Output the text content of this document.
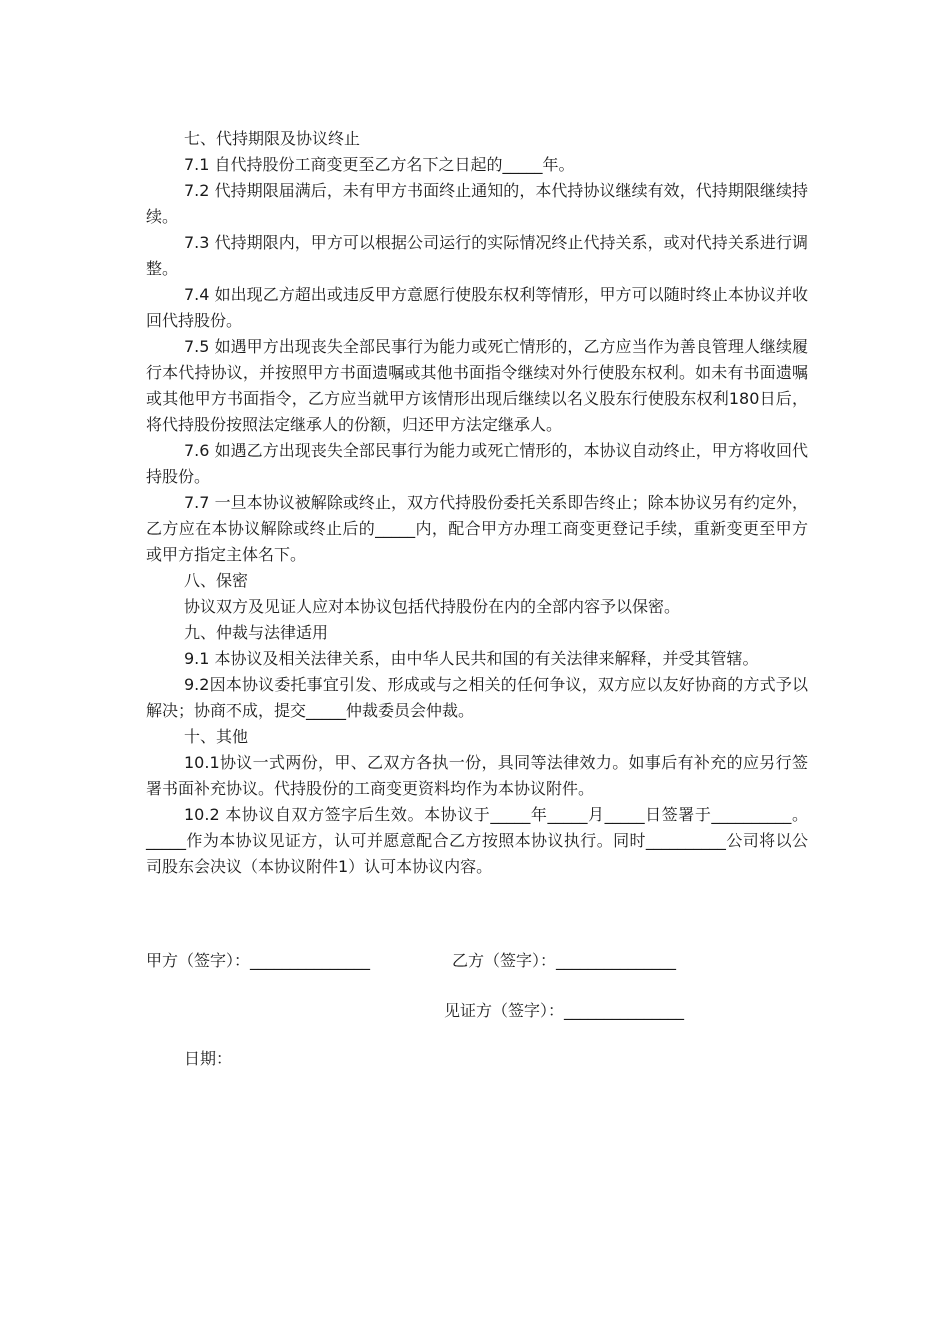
七、代持期限及协议终止

7.1 自代持股份工商变更至乙方名下之日起的_____年。

7.2 代持期限届满后，未有甲方书面终止通知的，本代持协议继续有效，代持期限继续持续。

7.3 代持期限内，甲方可以根据公司运行的实际情况终止代持关系，或对代持关系进行调整。

7.4 如出现乙方超出或违反甲方意愿行使股东权利等情形，甲方可以随时终止本协议并收回代持股份。

7.5 如遇甲方出现丧失全部民事行为能力或死亡情形的，乙方应当作为善良管理人继续履行本代持协议，并按照甲方书面遗嘱或其他书面指令继续对外行使股东权利。如未有书面遗嘱或其他甲方书面指令，乙方应当就甲方该情形出现后继续以名义股东行使股东权利180日后，将代持股份按照法定继承人的份额，归还甲方法定继承人。

7.6 如遇乙方出现丧失全部民事行为能力或死亡情形的，本协议自动终止，甲方将收回代持股份。

7.7 一旦本协议被解除或终止，双方代持股份委托关系即告终止；除本协议另有约定外，乙方应在本协议解除或终止后的_____内，配合甲方办理工商变更登记手续，重新变更至甲方或甲方指定主体名下。

八、保密

协议双方及见证人应对本协议包括代持股份在内的全部内容予以保密。

九、仲裁与法律适用

9.1 本协议及相关法律关系，由中华人民共和国的有关法律来解释，并受其管辖。

9.2因本协议委托事宜引发、形成或与之相关的任何争议，双方应以友好协商的方式予以解决；协商不成，提交_____仲裁委员会仲裁。

十、其他

10.1协议一式两份，甲、乙双方各执一份，具同等法律效力。如事后有补充的应另行签署书面补充协议。代持股份的工商变更资料均作为本协议附件。

10.2 本协议自双方签字后生效。本协议于_____年_____月_____日签署于__________。_____作为本协议见证方，认可并愿意配合乙方按照本协议执行。同时__________公司将以公司股东会决议（本协议附件1）认可本协议内容。

甲方（签字）：_______________	乙方（签字）：_______________
见证方（签字）：_______________
日期：
